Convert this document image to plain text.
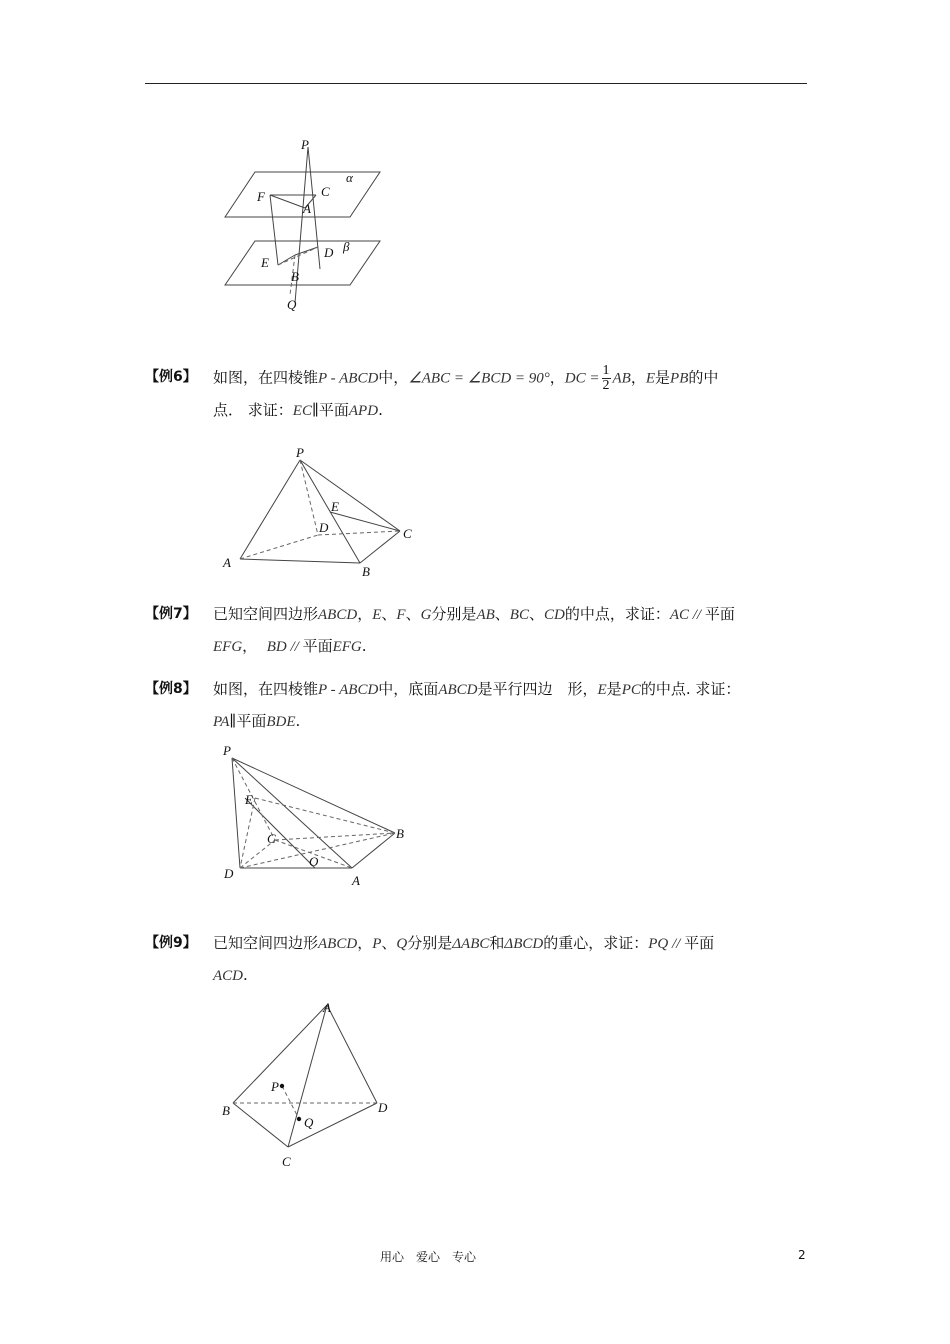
P
α
F	C
A
D β
E
B
Q
【例6】 如图，在四棱锥P - ABCD中，∠ABC = ∠BCD = 90°，DC = $\frac{1}{2}$ AB，E是PB的中
点． 求证：EC∥平面APD.
P
E
D	C
A
B
【例7】 已知空间四边形ABCD，E、F、G分别是AB、BC、CD的中点，求证：AC // 平面
EFG， BD // 平面EFG.
【例8】 如图，在四棱锥P - ABCD中，底面ABCD是平行四边　形，E是PC的中点. 求证：
PA∥平面BDE.
P
E
B
C
O
D	A
【例9】 已知空间四边形ABCD，P、Q分别是ΔABC和ΔBCD的重心，求证：PQ // 平面
ACD.
A
P
B	D
Q
C
用心　爱心　专心	2
